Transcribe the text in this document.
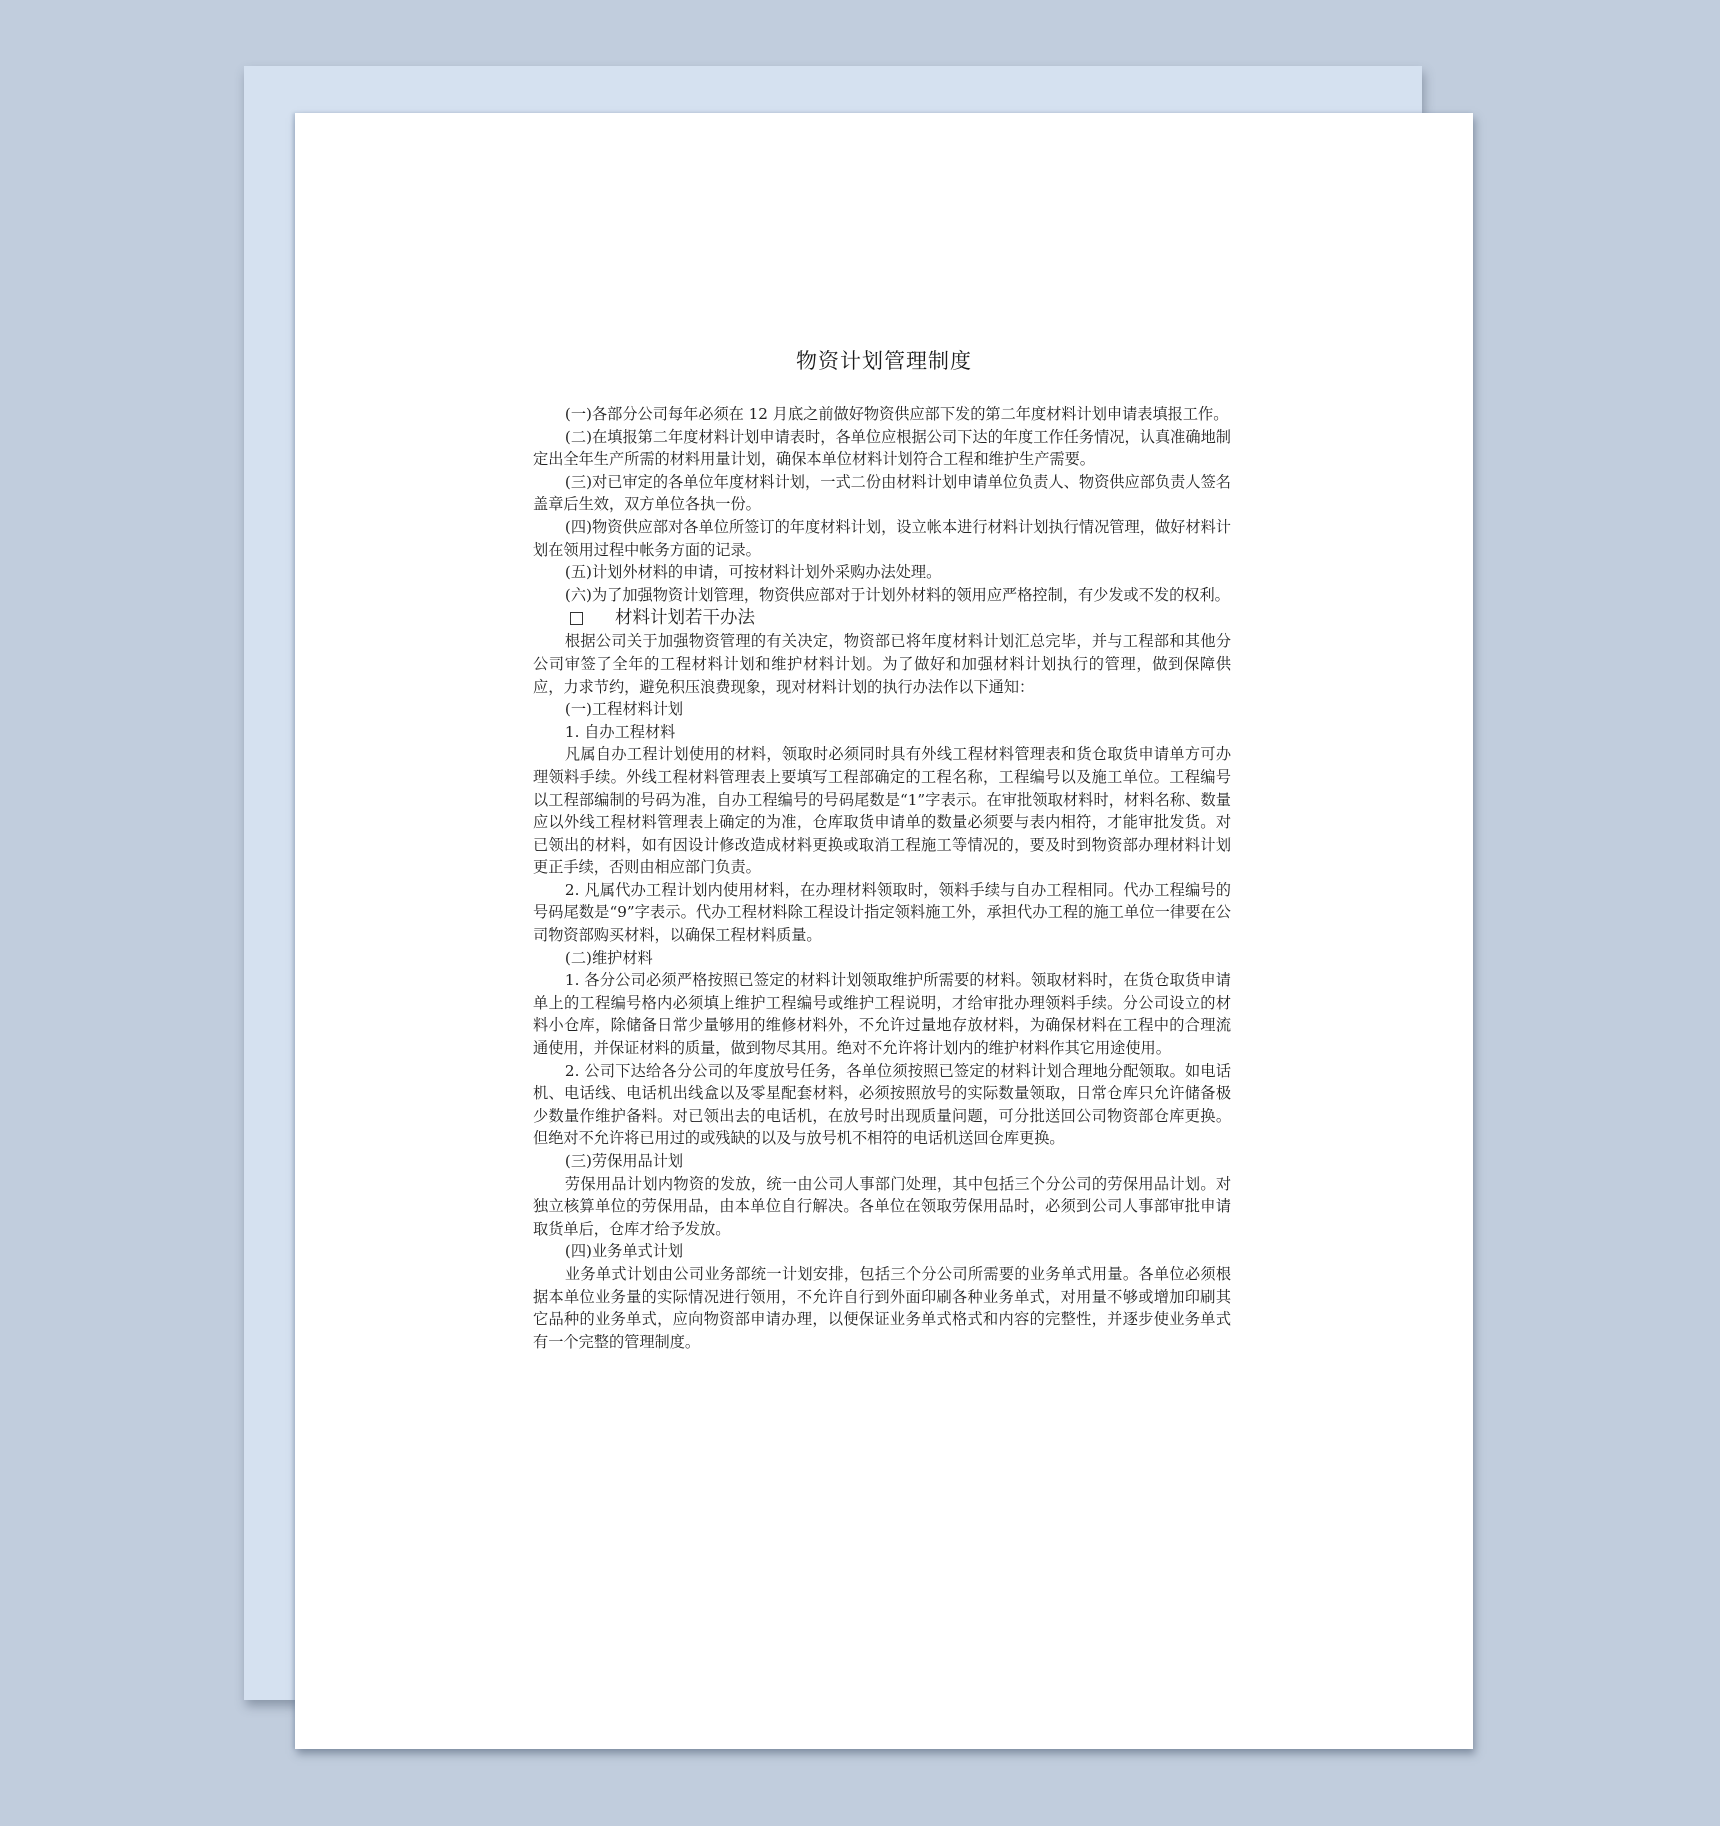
物资计划管理制度

(一)各部分公司每年必须在 12 月底之前做好物资供应部下发的第二年度材料计划申请表填报工作。

(二)在填报第二年度材料计划申请表时，各单位应根据公司下达的年度工作任务情况，认真准确地制定出全年生产所需的材料用量计划，确保本单位材料计划符合工程和维护生产需要。

(三)对已审定的各单位年度材料计划，一式二份由材料计划申请单位负责人、物资供应部负责人签名盖章后生效，双方单位各执一份。

(四)物资供应部对各单位所签订的年度材料计划，设立帐本进行材料计划执行情况管理，做好材料计划在领用过程中帐务方面的记录。

(五)计划外材料的申请，可按材料计划外采购办法处理。

(六)为了加强物资计划管理，物资供应部对于计划外材料的领用应严格控制，有少发或不发的权利。

材料计划若干办法

根据公司关于加强物资管理的有关决定，物资部已将年度材料计划汇总完毕，并与工程部和其他分公司审签了全年的工程材料计划和维护材料计划。为了做好和加强材料计划执行的管理，做到保障供应，力求节约，避免积压浪费现象，现对材料计划的执行办法作以下通知：

(一)工程材料计划

1. 自办工程材料

凡属自办工程计划使用的材料，领取时必须同时具有外线工程材料管理表和货仓取货申请单方可办理领料手续。外线工程材料管理表上要填写工程部确定的工程名称，工程编号以及施工单位。工程编号以工程部编制的号码为准，自办工程编号的号码尾数是“1”字表示。在审批领取材料时，材料名称、数量应以外线工程材料管理表上确定的为准，仓库取货申请单的数量必须要与表内相符，才能审批发货。对已领出的材料，如有因设计修改造成材料更换或取消工程施工等情况的，要及时到物资部办理材料计划更正手续，否则由相应部门负责。

2. 凡属代办工程计划内使用材料，在办理材料领取时，领料手续与自办工程相同。代办工程编号的号码尾数是“9”字表示。代办工程材料除工程设计指定领料施工外，承担代办工程的施工单位一律要在公司物资部购买材料，以确保工程材料质量。

(二)维护材料

1. 各分公司必须严格按照已签定的材料计划领取维护所需要的材料。领取材料时，在货仓取货申请单上的工程编号格内必须填上维护工程编号或维护工程说明，才给审批办理领料手续。分公司设立的材料小仓库，除储备日常少量够用的维修材料外，不允许过量地存放材料，为确保材料在工程中的合理流通使用，并保证材料的质量，做到物尽其用。绝对不允许将计划内的维护材料作其它用途使用。

2. 公司下达给各分公司的年度放号任务，各单位须按照已签定的材料计划合理地分配领取。如电话机、电话线、电话机出线盒以及零星配套材料，必须按照放号的实际数量领取，日常仓库只允许储备极少数量作维护备料。对已领出去的电话机，在放号时出现质量问题，可分批送回公司物资部仓库更换。但绝对不允许将已用过的或残缺的以及与放号机不相符的电话机送回仓库更换。

(三)劳保用品计划

劳保用品计划内物资的发放，统一由公司人事部门处理，其中包括三个分公司的劳保用品计划。对独立核算单位的劳保用品，由本单位自行解决。各单位在领取劳保用品时，必须到公司人事部审批申请取货单后，仓库才给予发放。

(四)业务单式计划

业务单式计划由公司业务部统一计划安排，包括三个分公司所需要的业务单式用量。各单位必须根据本单位业务量的实际情况进行领用，不允许自行到外面印刷各种业务单式，对用量不够或增加印刷其它品种的业务单式，应向物资部申请办理，以便保证业务单式格式和内容的完整性，并逐步使业务单式有一个完整的管理制度。
